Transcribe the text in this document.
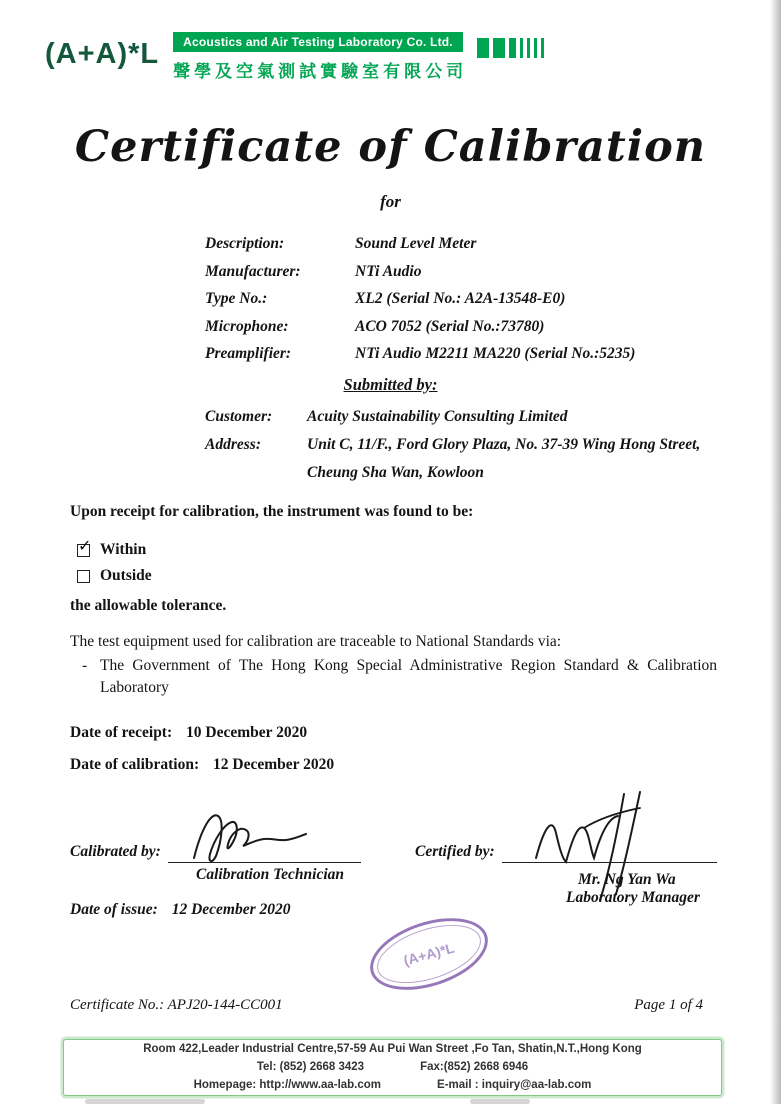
(A+A)*L	Acoustics and Air Testing Laboratory Co. Ltd.
聲學及空氣測試實驗室有限公司
Certificate of Calibration
for
Description:	Sound Level Meter
Manufacturer:	NTi Audio
Type No.:	XL2 (Serial No.: A2A-13548-E0)
Microphone:	ACO 7052 (Serial No.:73780)
Preamplifier:	NTi Audio M2211 MA220 (Serial No.:5235)
Submitted by:
Customer:	Acuity Sustainability Consulting Limited
Address:	Unit C, 11/F., Ford Glory Plaza, No. 37-39 Wing Hong Street,
Cheung Sha Wan, Kowloon

Upon receipt for calibration, the instrument was found to be:

✓ Within
Outside

the allowable tolerance.

The test equipment used for calibration are traceable to National Standards via:
- The Government of The Hong Kong Special Administrative Region Standard & Calibration Laboratory

Date of receipt: 10 December 2020
Date of calibration: 12 December 2020
Calibrated by:
Calibration Technician
Certified by:
Mr. Ng Yan Wa
Laboratory Manager
Date of issue: 12 December 2020
(A+A)*L
Certificate No.: APJ20-144-CC001	Page 1 of 4
Room 422,Leader Industrial Centre,57-59 Au Pui Wan Street ,Fo Tan, Shatin,N.T.,Hong Kong
Tel: (852) 2668 3423	Fax:(852) 2668 6946
Homepage: http://www.aa-lab.com	E-mail : inquiry@aa-lab.com
